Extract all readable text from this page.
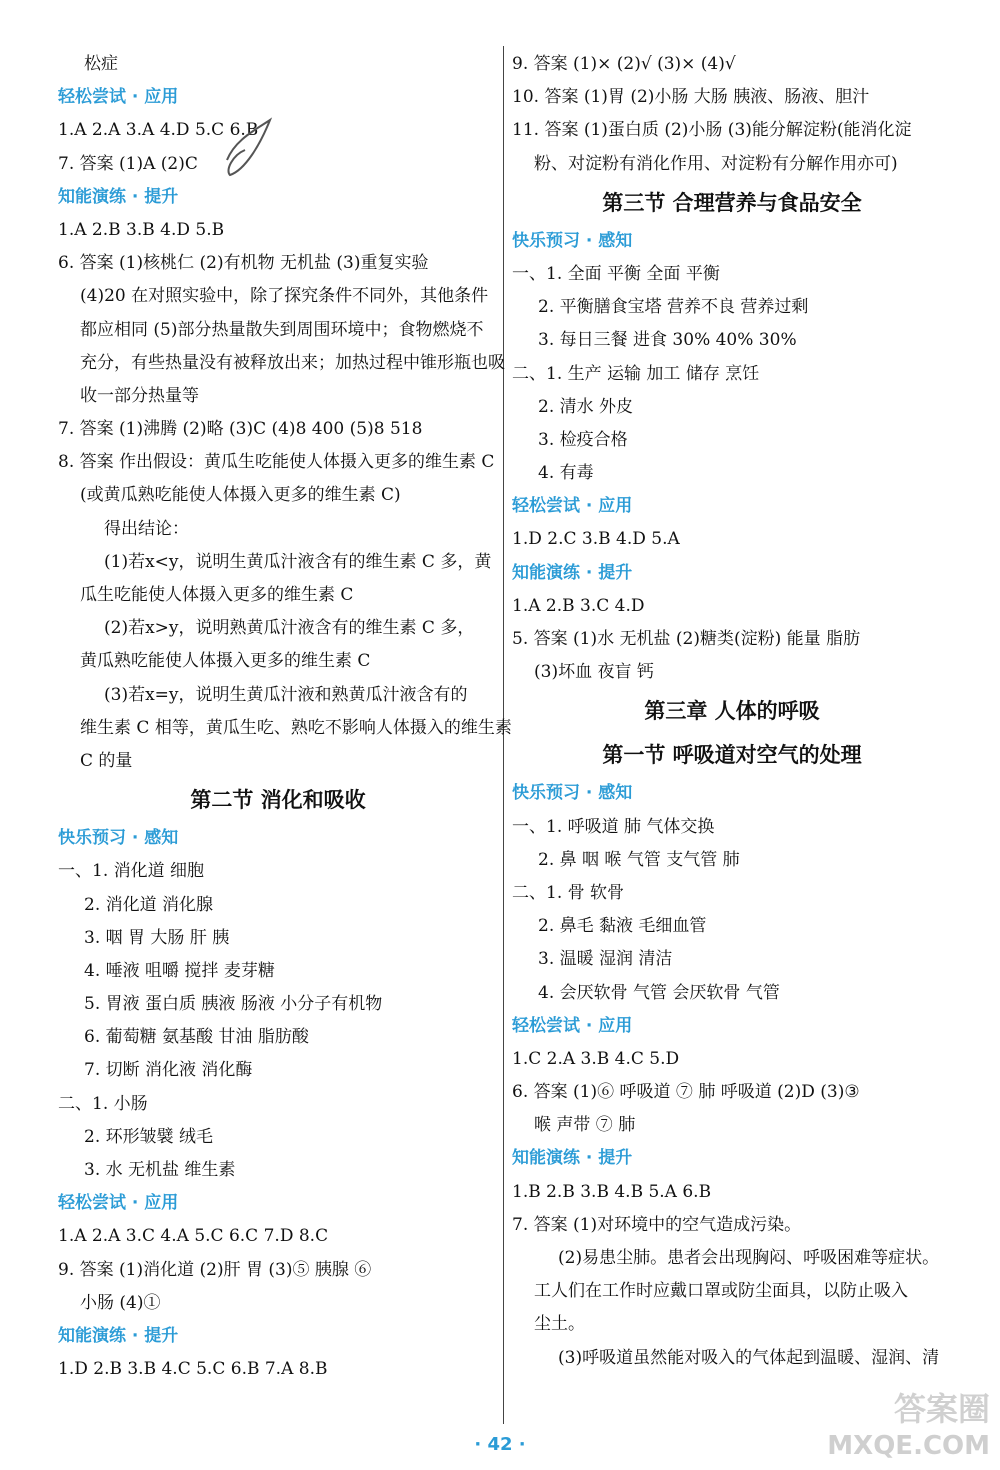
松症
轻松尝试 · 应用
1.A 2.A 3.A 4.D 5.C 6.B
7. 答案 (1)A (2)C
知能演练 · 提升
1.A 2.B 3.B 4.D 5.B
6. 答案 (1)核桃仁 (2)有机物 无机盐 (3)重复实验
(4)20 在对照实验中，除了探究条件不同外，其他条件
都应相同 (5)部分热量散失到周围环境中；食物燃烧不
充分，有些热量没有被释放出来；加热过程中锥形瓶也吸
收一部分热量等
7. 答案 (1)沸腾 (2)略 (3)C (4)8 400 (5)8 518
8. 答案 作出假设：黄瓜生吃能使人体摄入更多的维生素 C
(或黄瓜熟吃能使人体摄入更多的维生素 C)
得出结论：
(1)若x<y，说明生黄瓜汁液含有的维生素 C 多，黄
瓜生吃能使人体摄入更多的维生素 C
(2)若x>y，说明熟黄瓜汁液含有的维生素 C 多，
黄瓜熟吃能使人体摄入更多的维生素 C
(3)若x=y，说明生黄瓜汁液和熟黄瓜汁液含有的
维生素 C 相等，黄瓜生吃、熟吃不影响人体摄入的维生素
C 的量
第二节 消化和吸收
快乐预习 · 感知
一、1. 消化道 细胞
2. 消化道 消化腺
3. 咽 胃 大肠 肝 胰
4. 唾液 咀嚼 搅拌 麦芽糖
5. 胃液 蛋白质 胰液 肠液 小分子有机物
6. 葡萄糖 氨基酸 甘油 脂肪酸
7. 切断 消化液 消化酶
二、1. 小肠
2. 环形皱襞 绒毛
3. 水 无机盐 维生素
轻松尝试 · 应用
1.A 2.A 3.C 4.A 5.C 6.C 7.D 8.C
9. 答案 (1)消化道 (2)肝 胃 (3)⑤ 胰腺 ⑥
小肠 (4)①
知能演练 · 提升
1.D 2.B 3.B 4.C 5.C 6.B 7.A 8.B
9. 答案 (1)× (2)√ (3)× (4)√
10. 答案 (1)胃 (2)小肠 大肠 胰液、肠液、胆汁
11. 答案 (1)蛋白质 (2)小肠 (3)能分解淀粉(能消化淀
粉、对淀粉有消化作用、对淀粉有分解作用亦可)
第三节 合理营养与食品安全
快乐预习 · 感知
一、1. 全面 平衡 全面 平衡
2. 平衡膳食宝塔 营养不良 营养过剩
3. 每日三餐 进食 30% 40% 30%
二、1. 生产 运输 加工 储存 烹饪
2. 清水 外皮
3. 检疫合格
4. 有毒
轻松尝试 · 应用
1.D 2.C 3.B 4.D 5.A
知能演练 · 提升
1.A 2.B 3.C 4.D
5. 答案 (1)水 无机盐 (2)糖类(淀粉) 能量 脂肪
(3)坏血 夜盲 钙
第三章 人体的呼吸
第一节 呼吸道对空气的处理
快乐预习 · 感知
一、1. 呼吸道 肺 气体交换
2. 鼻 咽 喉 气管 支气管 肺
二、1. 骨 软骨
2. 鼻毛 黏液 毛细血管
3. 温暖 湿润 清洁
4. 会厌软骨 气管 会厌软骨 气管
轻松尝试 · 应用
1.C 2.A 3.B 4.C 5.D
6. 答案 (1)⑥ 呼吸道 ⑦ 肺 呼吸道 (2)D (3)③
喉 声带 ⑦ 肺
知能演练 · 提升
1.B 2.B 3.B 4.B 5.A 6.B
7. 答案 (1)对环境中的空气造成污染。
(2)易患尘肺。患者会出现胸闷、呼吸困难等症状。
工人们在工作时应戴口罩或防尘面具，以防止吸入
尘土。
(3)呼吸道虽然能对吸入的气体起到温暖、湿润、清
答案圈
MXQE.COM
· 42 ·
